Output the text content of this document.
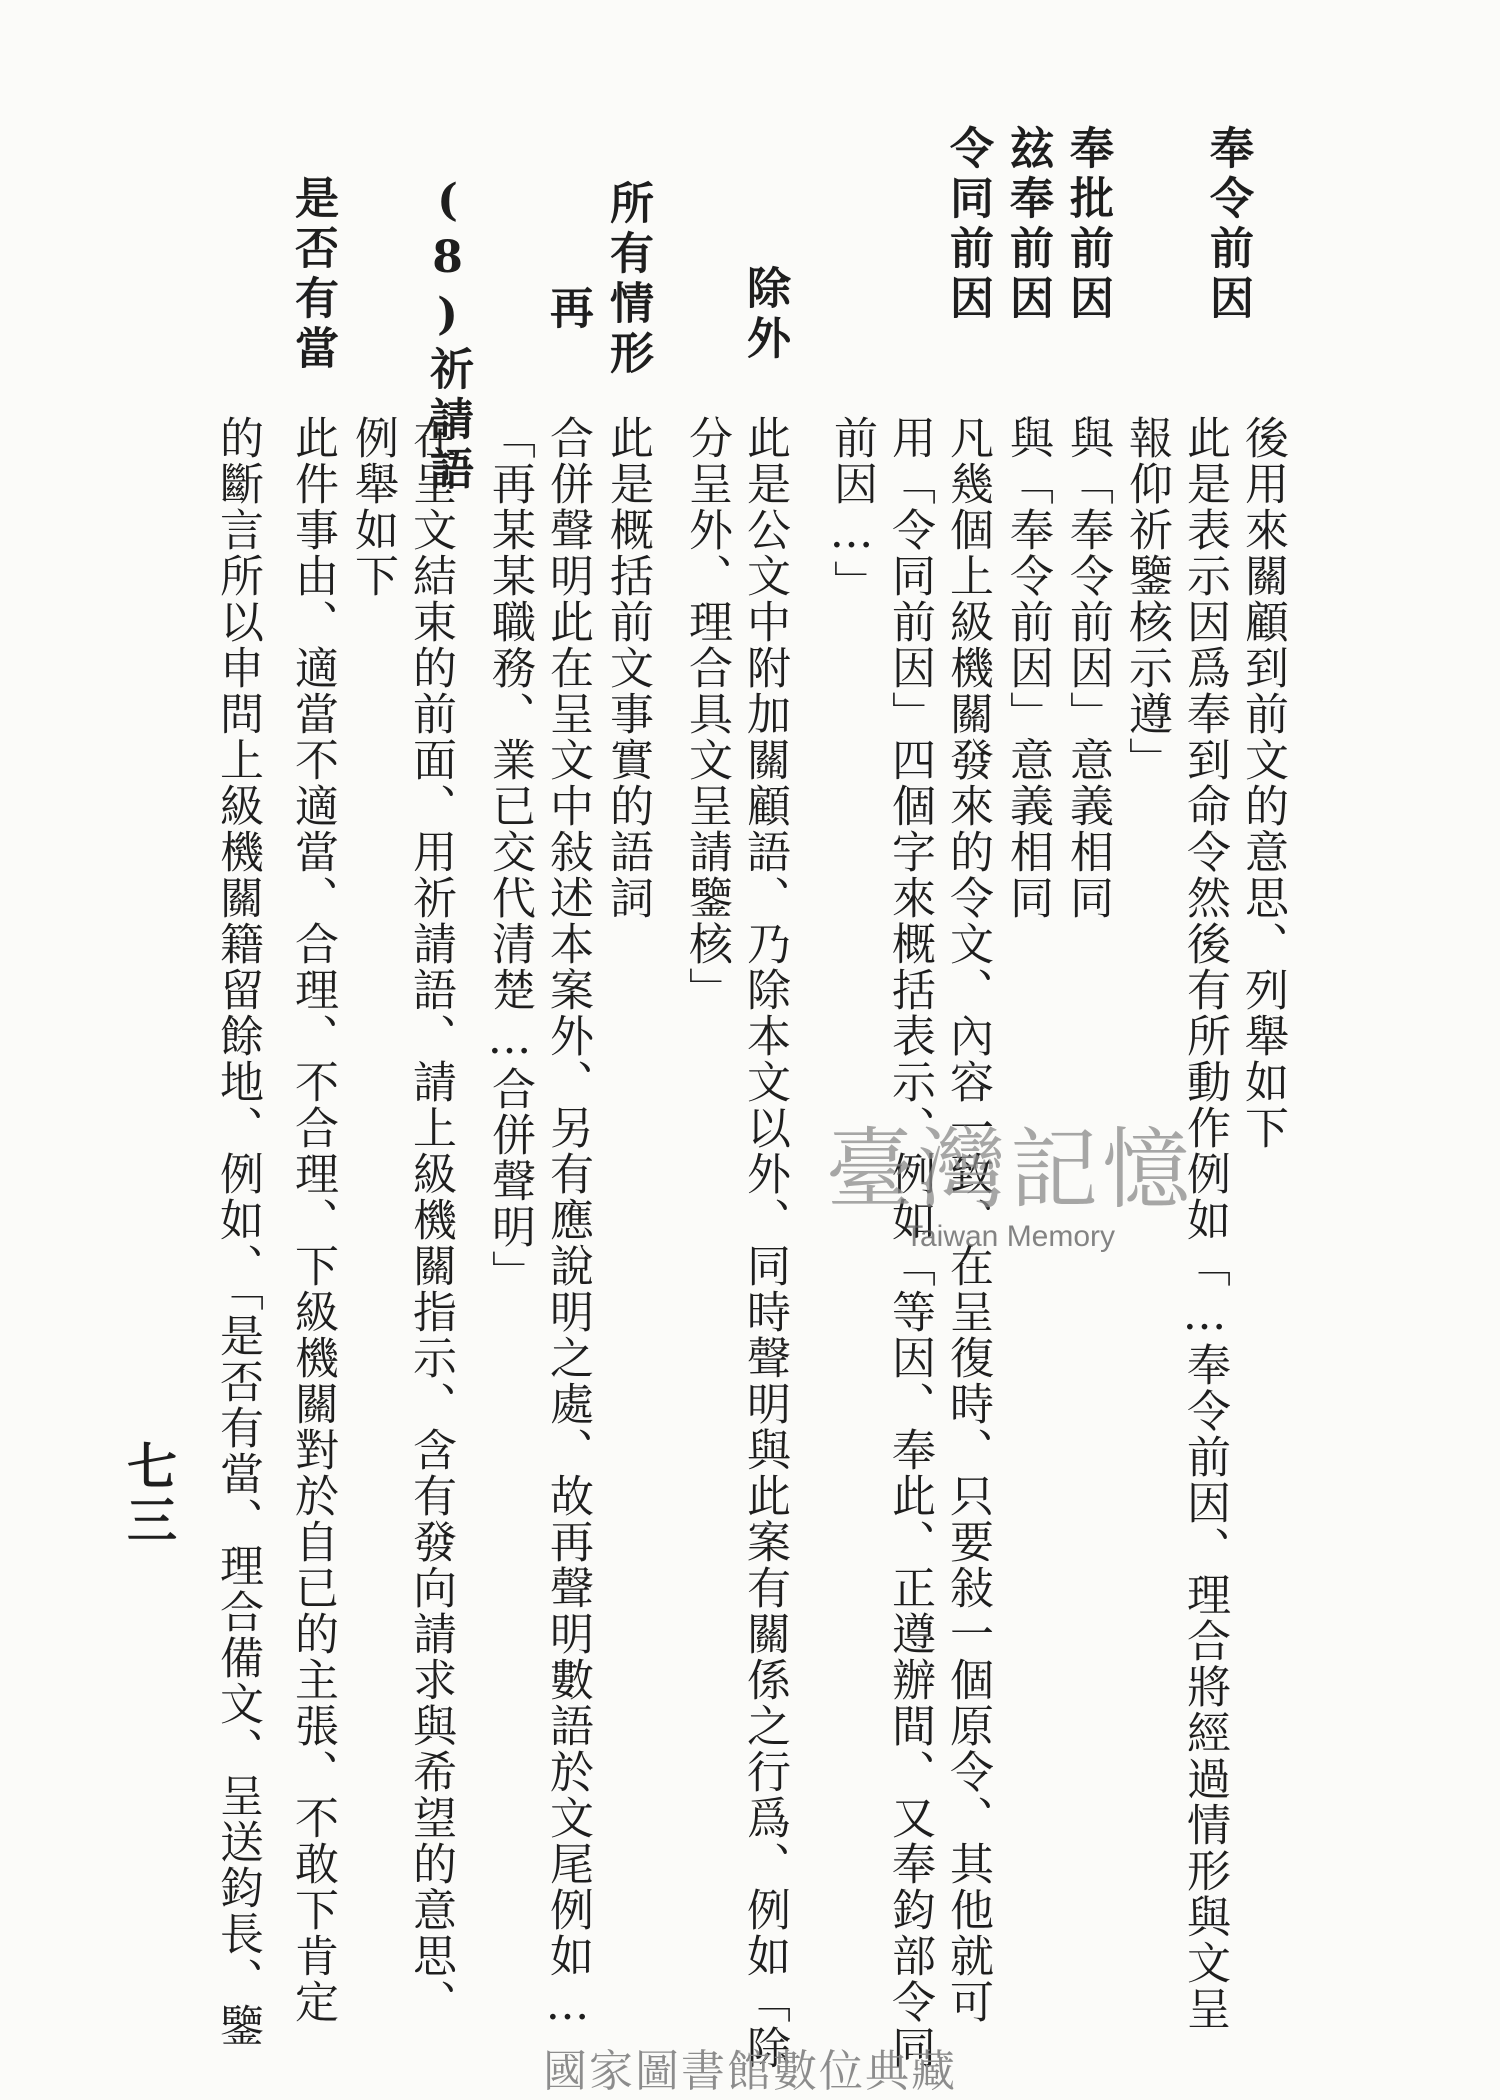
奉令前因
後用來關顧到前文的意思、列舉如下
此是表示因爲奉到命令然後有所動作例如「…奉令前因、理合將經過情形與文呈
報仰祈鑒核示遵」
奉批前因
與「奉令前因」意義相同
玆奉前因
與「奉令前因」意義相同
令同前因
凡幾個上級機關發來的令文、內容一致、在呈復時、只要敍一個原令、其他就可
用「令同前因」四個字來概括表示、例如「等因、奉此、正遵辦間、又奉鈞部令同
前因…」
除外
此是公文中附加關顧語、乃除本文以外、同時聲明與此案有關係之行爲、例如「除
分呈外、理合具文呈請鑒核」
所有情形
此是概括前文事實的語詞
再
合併聲明此在呈文中敍述本案外、另有應說明之處、故再聲明數語於文尾例如…
「再某某職務、業已交代清楚…合併聲明」
(8)祈請語
在呈文結束的前面、用祈請語、請上級機關指示、含有發向請求與希望的意思、
例舉如下
是否有當
此件事由、適當不適當、合理、不合理、下級機關對於自已的主張、不敢下肯定
的斷言所以申問上級機關籍留餘地、例如、「是否有當、理合備文、呈送鈞長、鑒
七三
臺灣記憶
Taiwan Memory
國家圖書館數位典藏
